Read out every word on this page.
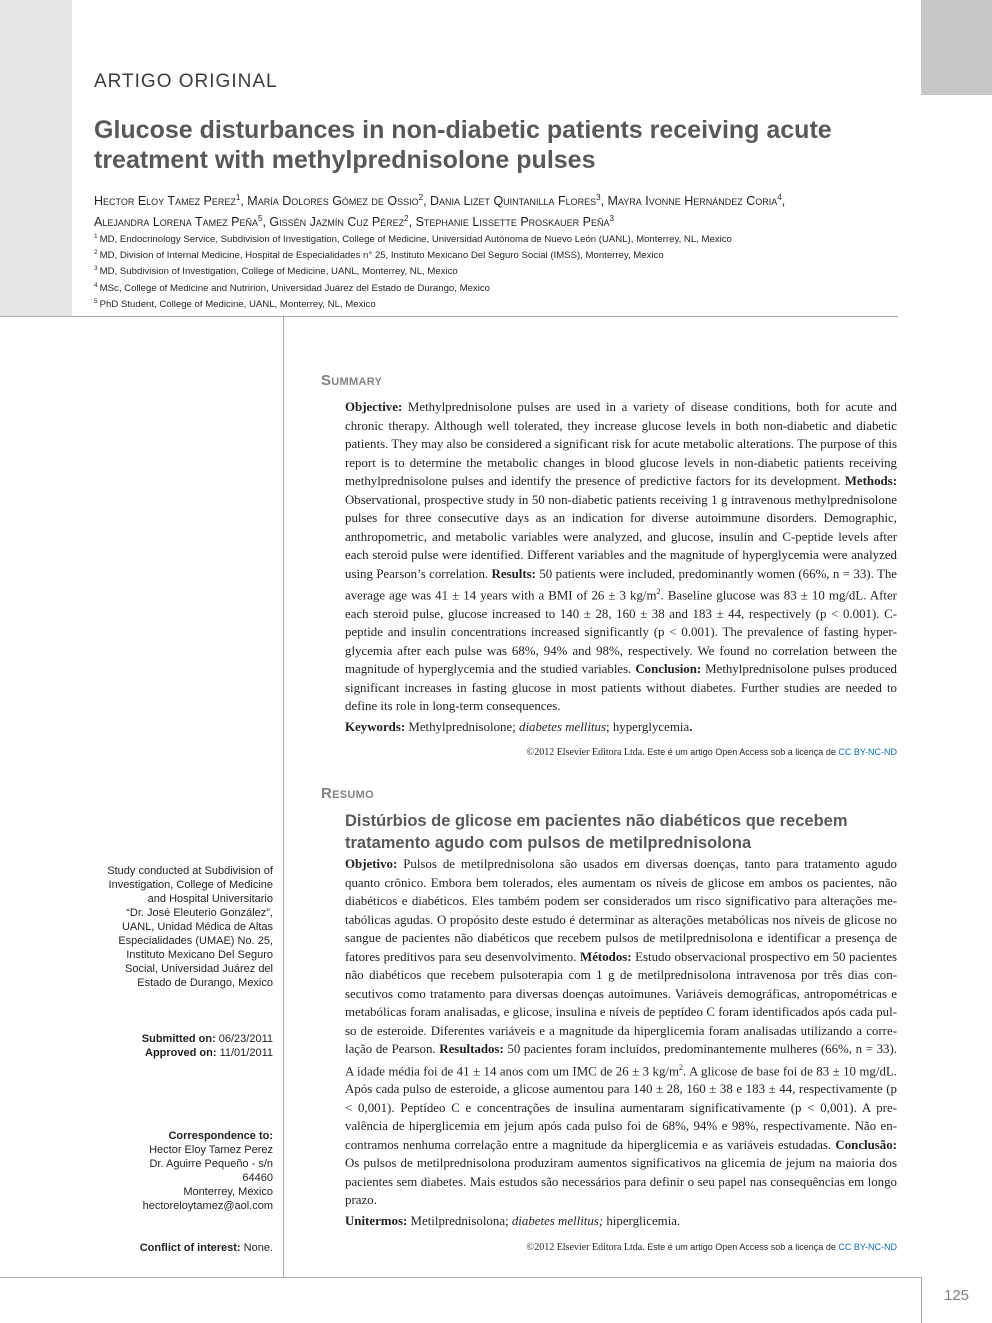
ARTIGO ORIGINAL
Glucose disturbances in non-diabetic patients receiving acute
treatment with methylprednisolone pulses
Hector Eloy Tamez Perez$^1$, María Dolores Gómez de Ossio$^2$, Dania Lizet Quintanilla Flores$^3$, Mayra Ivonne Hernández Coria$^4$,
Alejandra Lorena Tamez Peña$^5$, Gissén Jazmín Cuz Pérez$^2$, Stephanie Lissette Proskauer Peña$^3$
$^1$ MD, Endocrinology Service, Subdivision of Investigation, College of Medicine, Universidad Autónoma de Nuevo León (UANL), Monterrey, NL, Mexico
$^2$ MD, Division of Internal Medicine, Hospital de Especialidades n° 25, Instituto Mexicano Del Seguro Social (IMSS), Monterrey, Mexico
$^3$ MD, Subdivision of Investigation, College of Medicine, UANL, Monterrey, NL, Mexico
$^4$ MSc, College of Medicine and Nutririon, Universidad Juárez del Estado de Durango, Mexico
$^5$ PhD Student, College of Medicine, UANL, Monterrey, NL, Mexico
Summary
Objective: Methylprednisolone pulses are used in a variety of disease conditions, both for acute and chronic therapy. Although well tolerated, they increase glucose levels in both non-diabetic and diabetic patients. They may also be considered a significant risk for acute metabolic alterations. The purpose of this report is to determine the metabolic changes in blood glucose levels in non-diabetic patients receiving methylprednisolone pulses and identify the presence of predictive factors for its development. Methods: Observational, prospective study in 50 non-diabetic patients receiving 1 g intravenous methylprednisolone pulses for three consecutive days as an indication for diverse autoimmune disorders. Demographic, anthropometric, and metabolic variables were analyzed, and glucose, insulin and C-peptide levels after each steroid pulse were identified. Different variables and the magnitude of hyperglycemia were analyzed using Pearson’s correlation. Results: 50 patients were included, predominantly women (66%, n = 33). The average age was 41 ± 14 years with a BMI of 26 ± 3 $kg/m^2$. Baseline glucose was 83 ± 10 mg/dL. After each steroid pulse, glucose increased to 140 ± 28, 160 ± 38 and 183 ± 44, respectively (p < 0.001). C-peptide and insulin concentrations increased significantly (p < 0.001). The prevalence of fasting hyperglycemia after each pulse was 68%, 94% and 98%, respectively. We found no correlation between the magnitude of hyperglycemia and the studied variables. Conclusion: Methylprednisolone pulses produced significant increases in fasting glucose in most patients without diabetes. Further studies are needed to define its role in long-term consequences.
Keywords: Methylprednisolone; diabetes mellitus; hyperglycemia.
©2012 Elsevier Editora Ltda. Este é um artigo Open Access sob a licença de CC BY-NC-ND
Resumo
Distúrbios de glicose em pacientes não diabéticos que recebem
tratamento agudo com pulsos de metilprednisolona
Objetivo: Pulsos de metilprednisolona são usados em diversas doenças, tanto para tratamento agudo quanto crônico. Embora bem tolerados, eles aumentam os níveis de glicose em ambos os pacientes, não diabéticos e diabéticos. Eles também podem ser considerados um risco significativo para alterações metabólicas agudas. O propósito deste estudo é determinar as alterações metabólicas nos níveis de glicose no sangue de pacientes não diabéticos que recebem pulsos de metilprednisolona e identificar a presença de fatores preditivos para seu desenvolvimento. Métodos: Estudo observacional prospectivo em 50 pacientes não diabéticos que recebem pulsoterapia com 1 g de metilprednisolona intravenosa por três dias consecutivos como tratamento para diversas doenças autoimunes. Variáveis demográficas, antropométricas e metabólicas foram analisadas, e glicose, insulina e níveis de peptídeo C foram identificados após cada pulso de esteroide. Diferentes variáveis e a magnitude da hiperglicemia foram analisadas utilizando a correlação de Pearson. Resultados: 50 pacientes foram incluídos, predominantemente mulheres (66%, n = 33). A idade média foi de 41 ± 14 anos com um IMC de 26 ± 3 $kg/m^2$. A glicose de base foi de 83 ± 10 mg/dL. Após cada pulso de esteroide, a glicose aumentou para 140 ± 28, 160 ± 38 e 183 ± 44, respectivamente (p < 0,001). Peptídeo C e concentrações de insulina aumentaram significativamente (p < 0,001). A prevalência de hiperglicemia em jejum após cada pulso foi de 68%, 94% e 98%, respectivamente. Não encontramos nenhuma correlação entre a magnitude da hiperglicemia e as variáveis estudadas. Conclusão: Os pulsos de metilprednisolona produziram aumentos significativos na glicemia de jejum na maioria dos pacientes sem diabetes. Mais estudos são necessários para definir o seu papel nas consequências em longo prazo.
Unitermos: Metilprednisolona; diabetes mellitus; hiperglicemia.
©2012 Elsevier Editora Ltda. Este é um artigo Open Access sob a licença de CC BY-NC-ND
Study conducted at Subdivision of
Investigation, College of Medicine
and Hospital Universitario
“Dr. José Eleuterio González”,
UANL, Unidad Médica de Altas
Especialidades (UMAE) No. 25,
Instituto Mexicano Del Seguro
Social, Universidad Juárez del
Estado de Durango, Mexico
Submitted on: 06/23/2011
Approved on: 11/01/2011
Correspondence to:
Hector Eloy Tamez Perez
Dr. Aguirre Pequeño - s/n
64460
Monterrey, Mexico
hectoreloytamez@aol.com
Conflict of interest: None.
125
